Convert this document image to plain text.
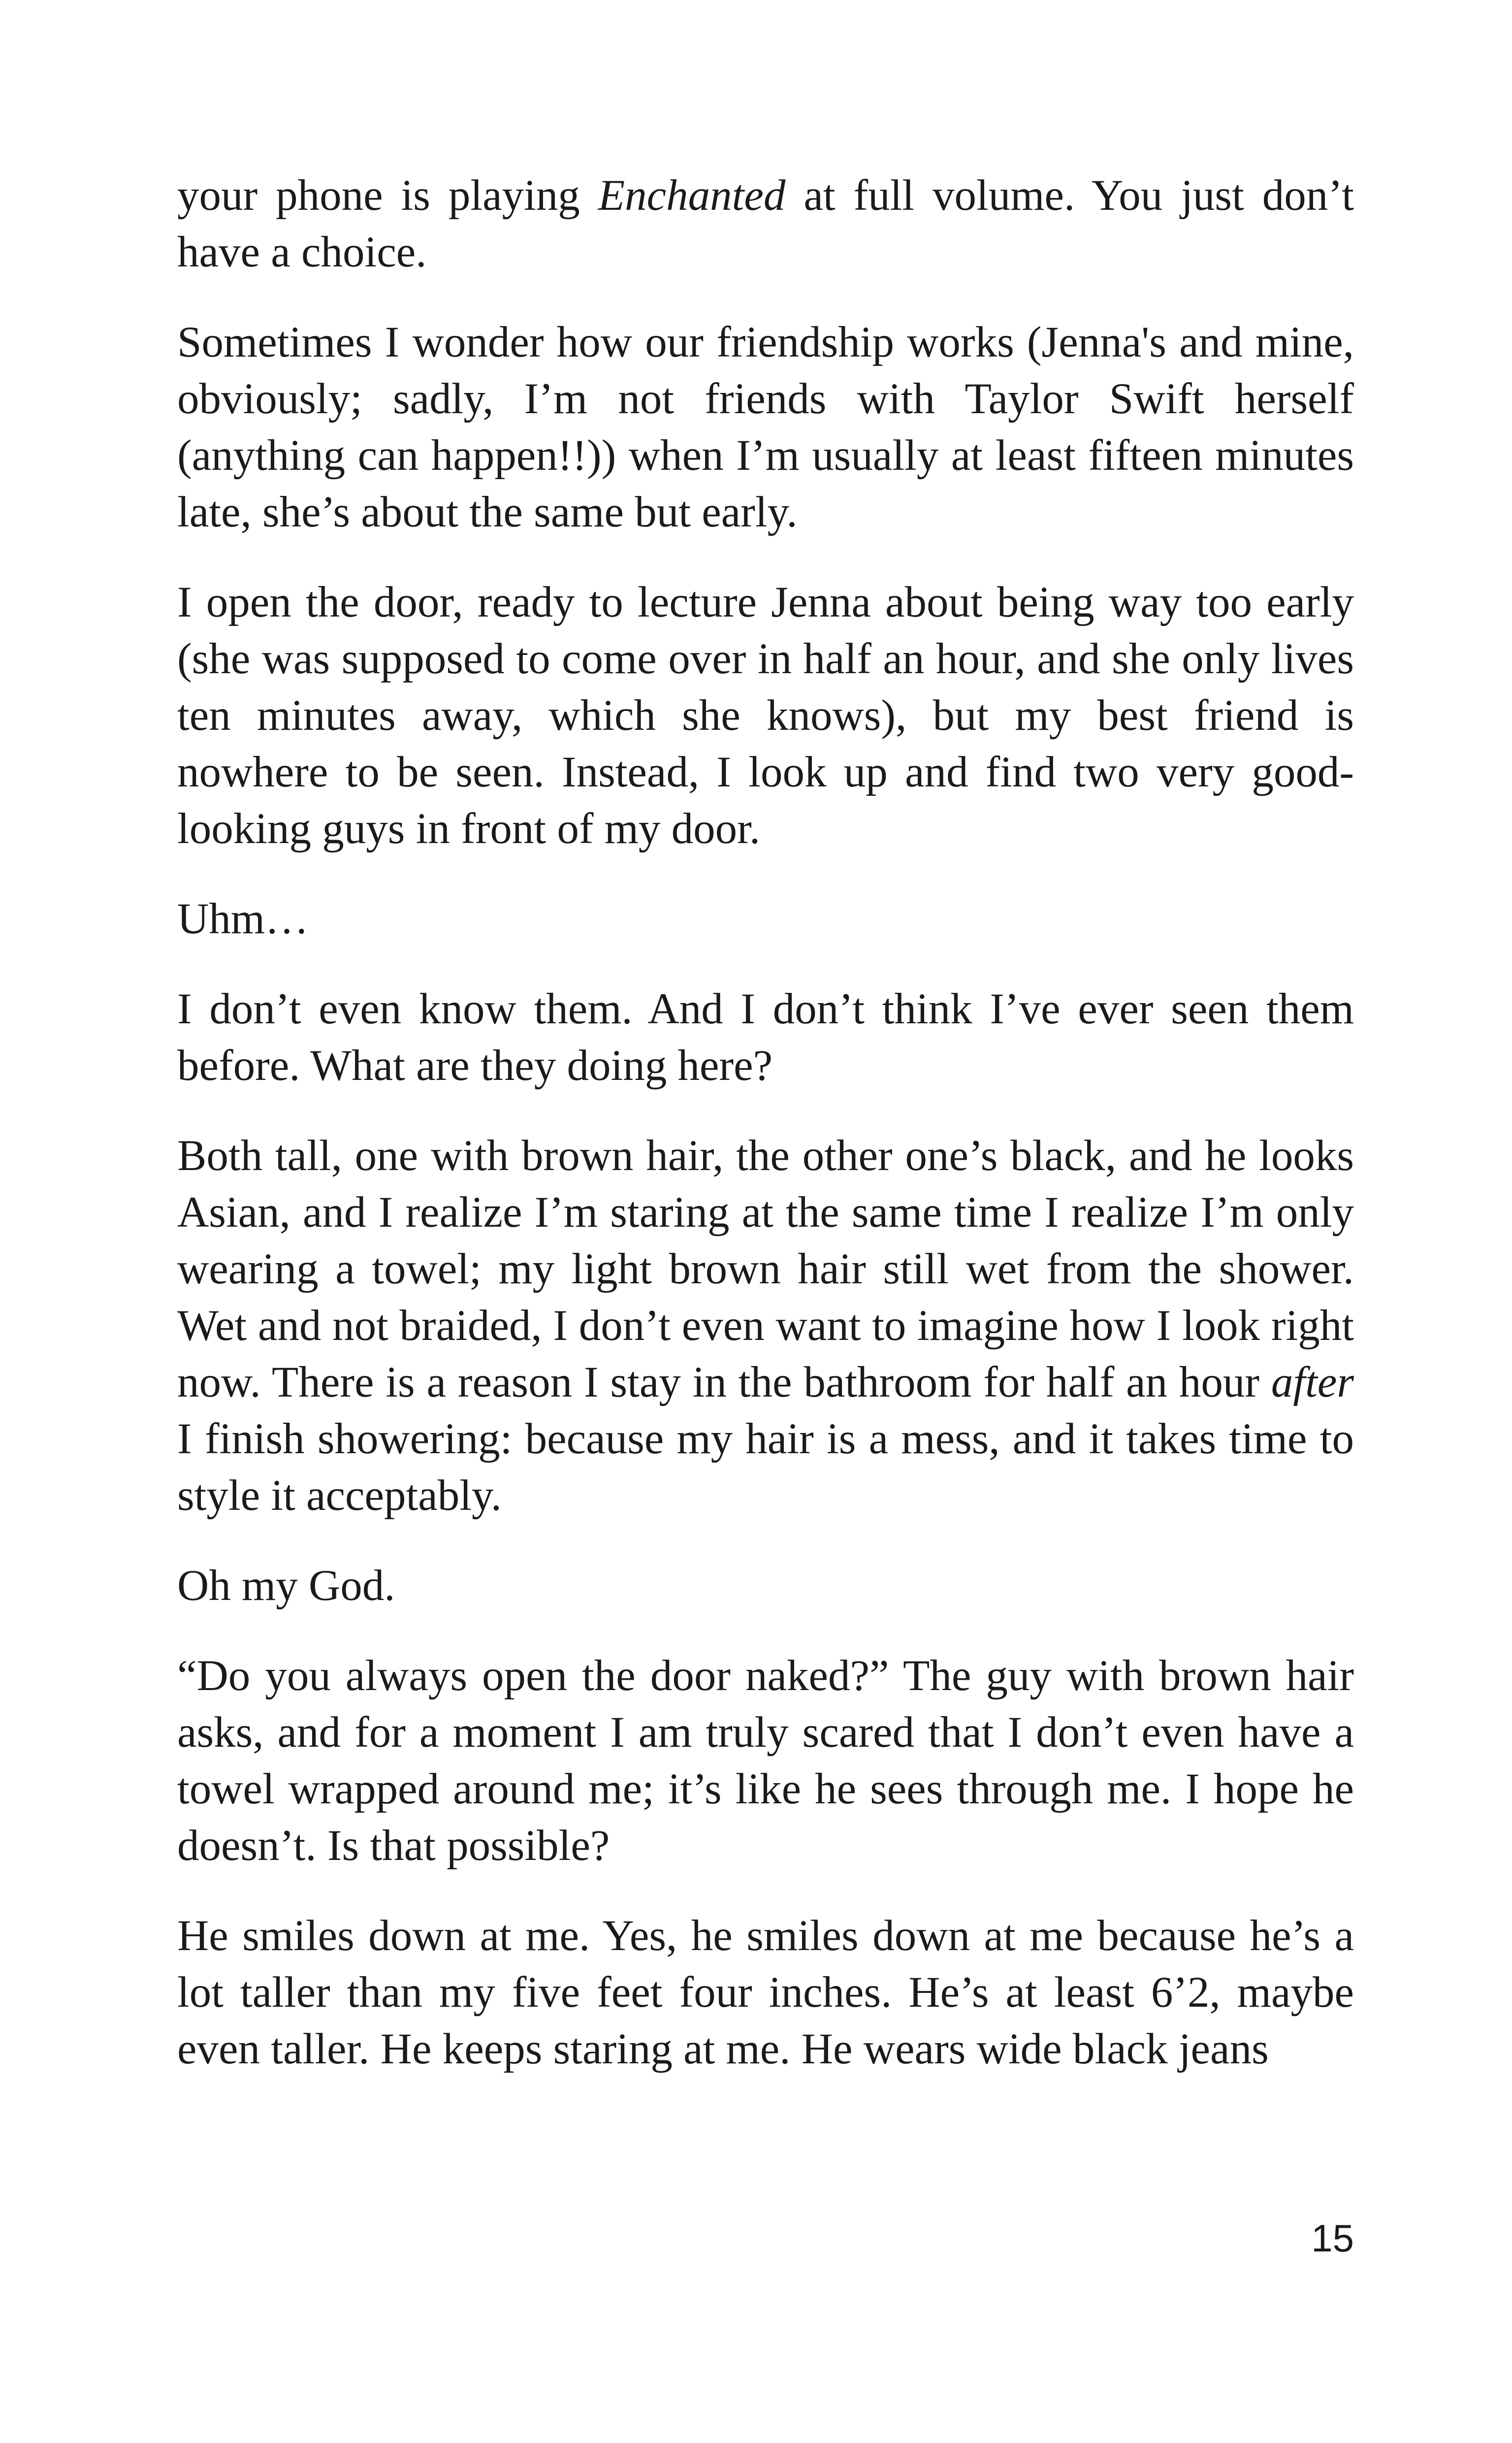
your phone is playing Enchanted at full volume. You just don’t have a choice.

Sometimes I wonder how our friendship works (Jenna's and mine, obviously; sadly, I’m not friends with Taylor Swift herself (anything can happen!!)) when I’m usually at least fifteen minutes late, she’s about the same but early.

I open the door, ready to lecture Jenna about being way too early (she was supposed to come over in half an hour, and she only lives ten minutes away, which she knows), but my best friend is nowhere to be seen. Instead, I look up and find two very good-looking guys in front of my door.

Uhm…

I don’t even know them. And I don’t think I’ve ever seen them before. What are they doing here?

Both tall, one with brown hair, the other one’s black, and he looks Asian, and I realize I’m staring at the same time I realize I’m only wearing a towel; my light brown hair still wet from the shower. Wet and not braided, I don’t even want to imagine how I look right now. There is a reason I stay in the bathroom for half an hour after I finish showering: because my hair is a mess, and it takes time to style it acceptably.

Oh my God.

“Do you always open the door naked?” The guy with brown hair asks, and for a moment I am truly scared that I don’t even have a towel wrapped around me; it’s like he sees through me. I hope he doesn’t. Is that possible?

He smiles down at me. Yes, he smiles down at me because he’s a lot taller than my five feet four inches. He’s at least 6’2, maybe even taller. He keeps staring at me. He wears wide black jeans

15
